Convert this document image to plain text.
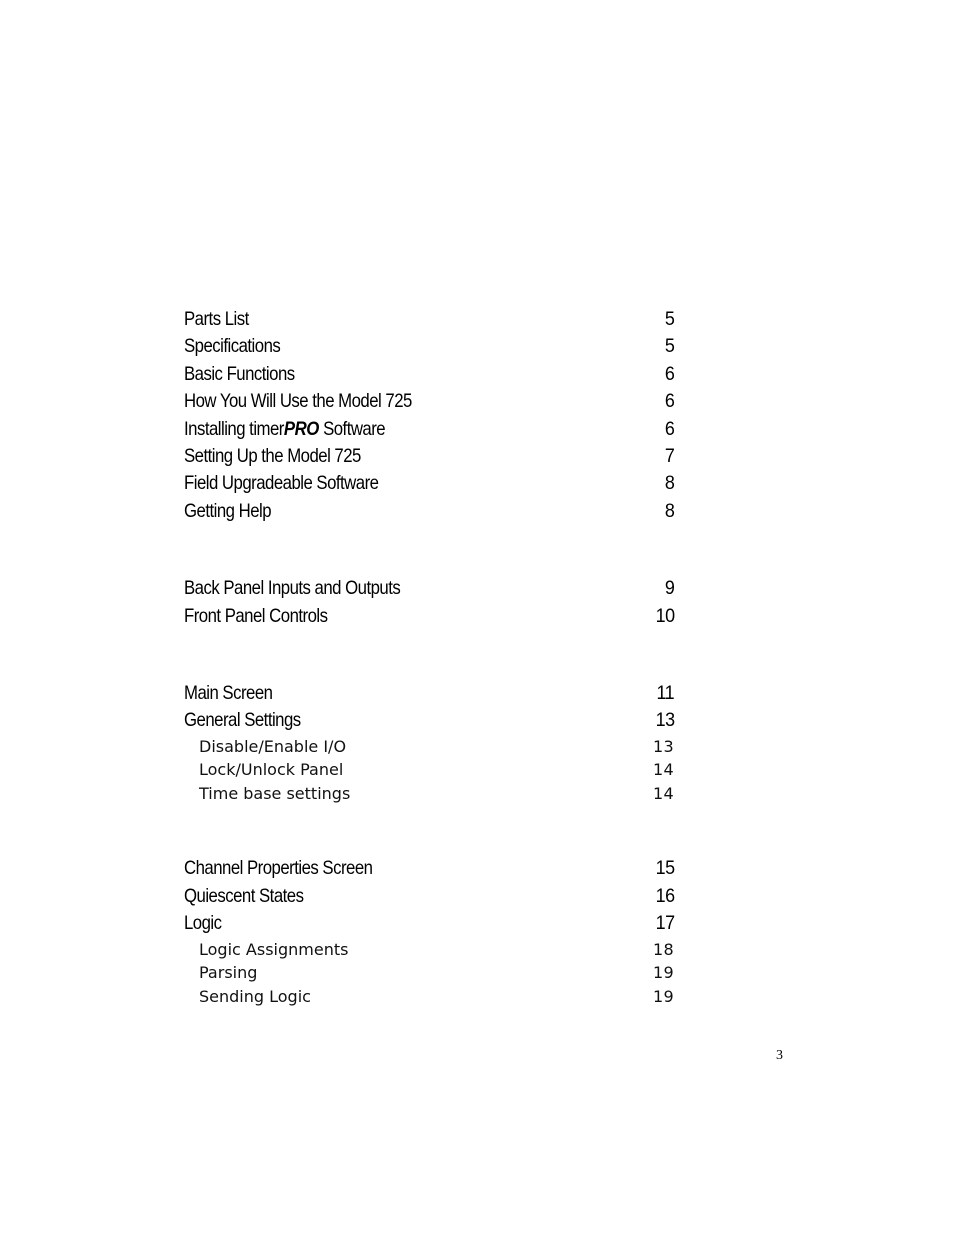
Parts List	5
Specifications	5
Basic Functions	6
How You Will Use the Model 725	6
Installing timerPRO Software	6
Setting Up the Model 725	7
Field Upgradeable Software	8
Getting Help	8
Back Panel Inputs and Outputs	9
Front Panel Controls	10
Main Screen	11
General Settings	13
Disable/Enable I/O	13
Lock/Unlock Panel	14
Time base settings	14
Channel Properties Screen	15
Quiescent States	16
Logic	17
Logic Assignments	18
Parsing	19
Sending Logic	19
3
